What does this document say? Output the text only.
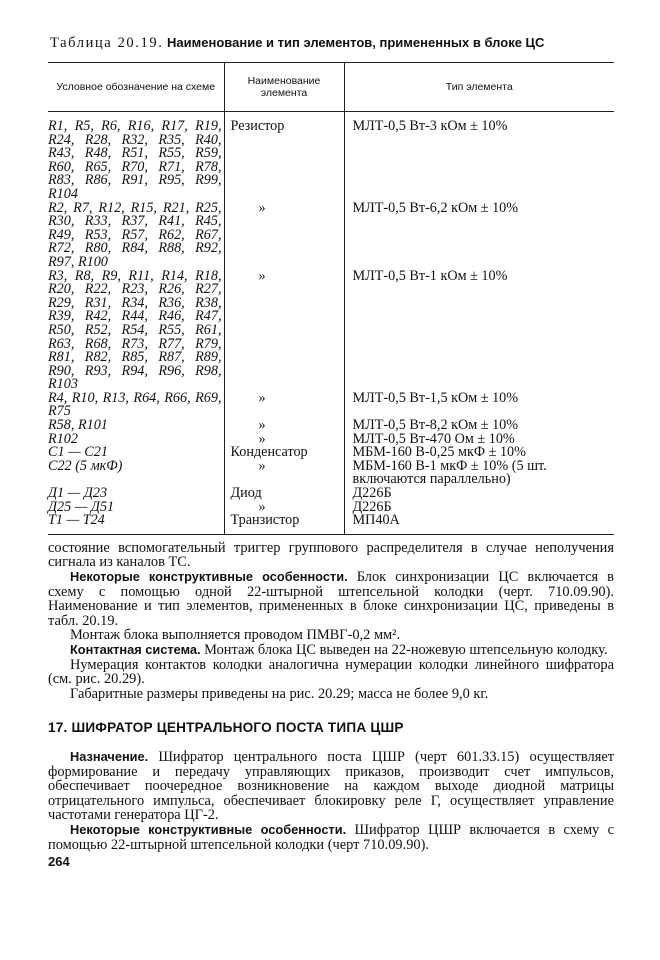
Таблица 20.19. Наименование и тип элементов, примененных в блоке ЦС
Условное обозначение на схеме	Наименование элемента	Тип элемента
R1, R5, R6, R16, R17, R19, R24, R28, R32, R35, R40, R43, R48, R51, R55, R59, R60, R65, R70, R71, R78, R83, R86, R91, R95, R99, R104	Резистор	МЛТ-0,5 Вт-3 кОм ± 10%
R2, R7, R12, R15, R21, R25, R30, R33, R37, R41, R45, R49, R53, R57, R62, R67, R72, R80, R84, R88, R92, R97, R100	»	МЛТ-0,5 Вт-6,2 кОм ± 10%
R3, R8, R9, R11, R14, R18, R20, R22, R23, R26, R27, R29, R31, R34, R36, R38, R39, R42, R44, R46, R47, R50, R52, R54, R55, R61, R63, R68, R73, R77, R79, R81, R82, R85, R87, R89, R90, R93, R94, R96, R98, R103	»	МЛТ-0,5 Вт-1 кОм ± 10%
R4, R10, R13, R64, R66, R69, R75	»	МЛТ-0,5 Вт-1,5 кОм ± 10%
R58, R101	»	МЛТ-0,5 Вт-8,2 кОм ± 10%
R102	»	МЛТ-0,5 Вт-470 Ом ± 10%
C1 — C21	Конденсатор	МБМ-160 В-0,25 мкФ ± 10%
C22 (5 мкФ)	»	МБМ-160 В-1 мкФ ± 10% (5 шт. включаются параллельно)
Д1 — Д23	Диод	Д226Б
Д25 — Д51	»	Д226Б
T1 — T24	Транзистор	МП40А

состояние вспомогательный триггер группового распределителя в случае неполучения сигнала из каналов ТС.

Некоторые конструктивные особенности. Блок синхронизации ЦС включается в схему с помощью одной 22-штырной штепсельной колодки (черт. 710.09.90). Наименование и тип элементов, примененных в блоке синхронизации ЦС, приведены в табл. 20.19.

Монтаж блока выполняется проводом ПМВГ-0,2 мм².

Контактная система. Монтаж блока ЦС выведен на 22-ножевую штепсельную колодку.

Нумерация контактов колодки аналогична нумерации колодки линейного шифратора (см. рис. 20.29).

Габаритные размеры приведены на рис. 20.29; масса не более 9,0 кг.

17. ШИФРАТОР ЦЕНТРАЛЬНОГО ПОСТА ТИПА ЦШР

Назначение. Шифратор центрального поста ЦШР (черт 601.33.15) осуществляет формирование и передачу управляющих приказов, производит счет импульсов, обеспечивает поочередное возникновение на каждом выходе диодной матрицы отрицательного импульса, обеспечивает блокировку реле Г, осуществляет управление частотами генератора ЦГ-2.

Некоторые конструктивные особенности. Шифратор ЦШР включается в схему с помощью 22-штырной штепсельной колодки (черт 710.09.90).

264
